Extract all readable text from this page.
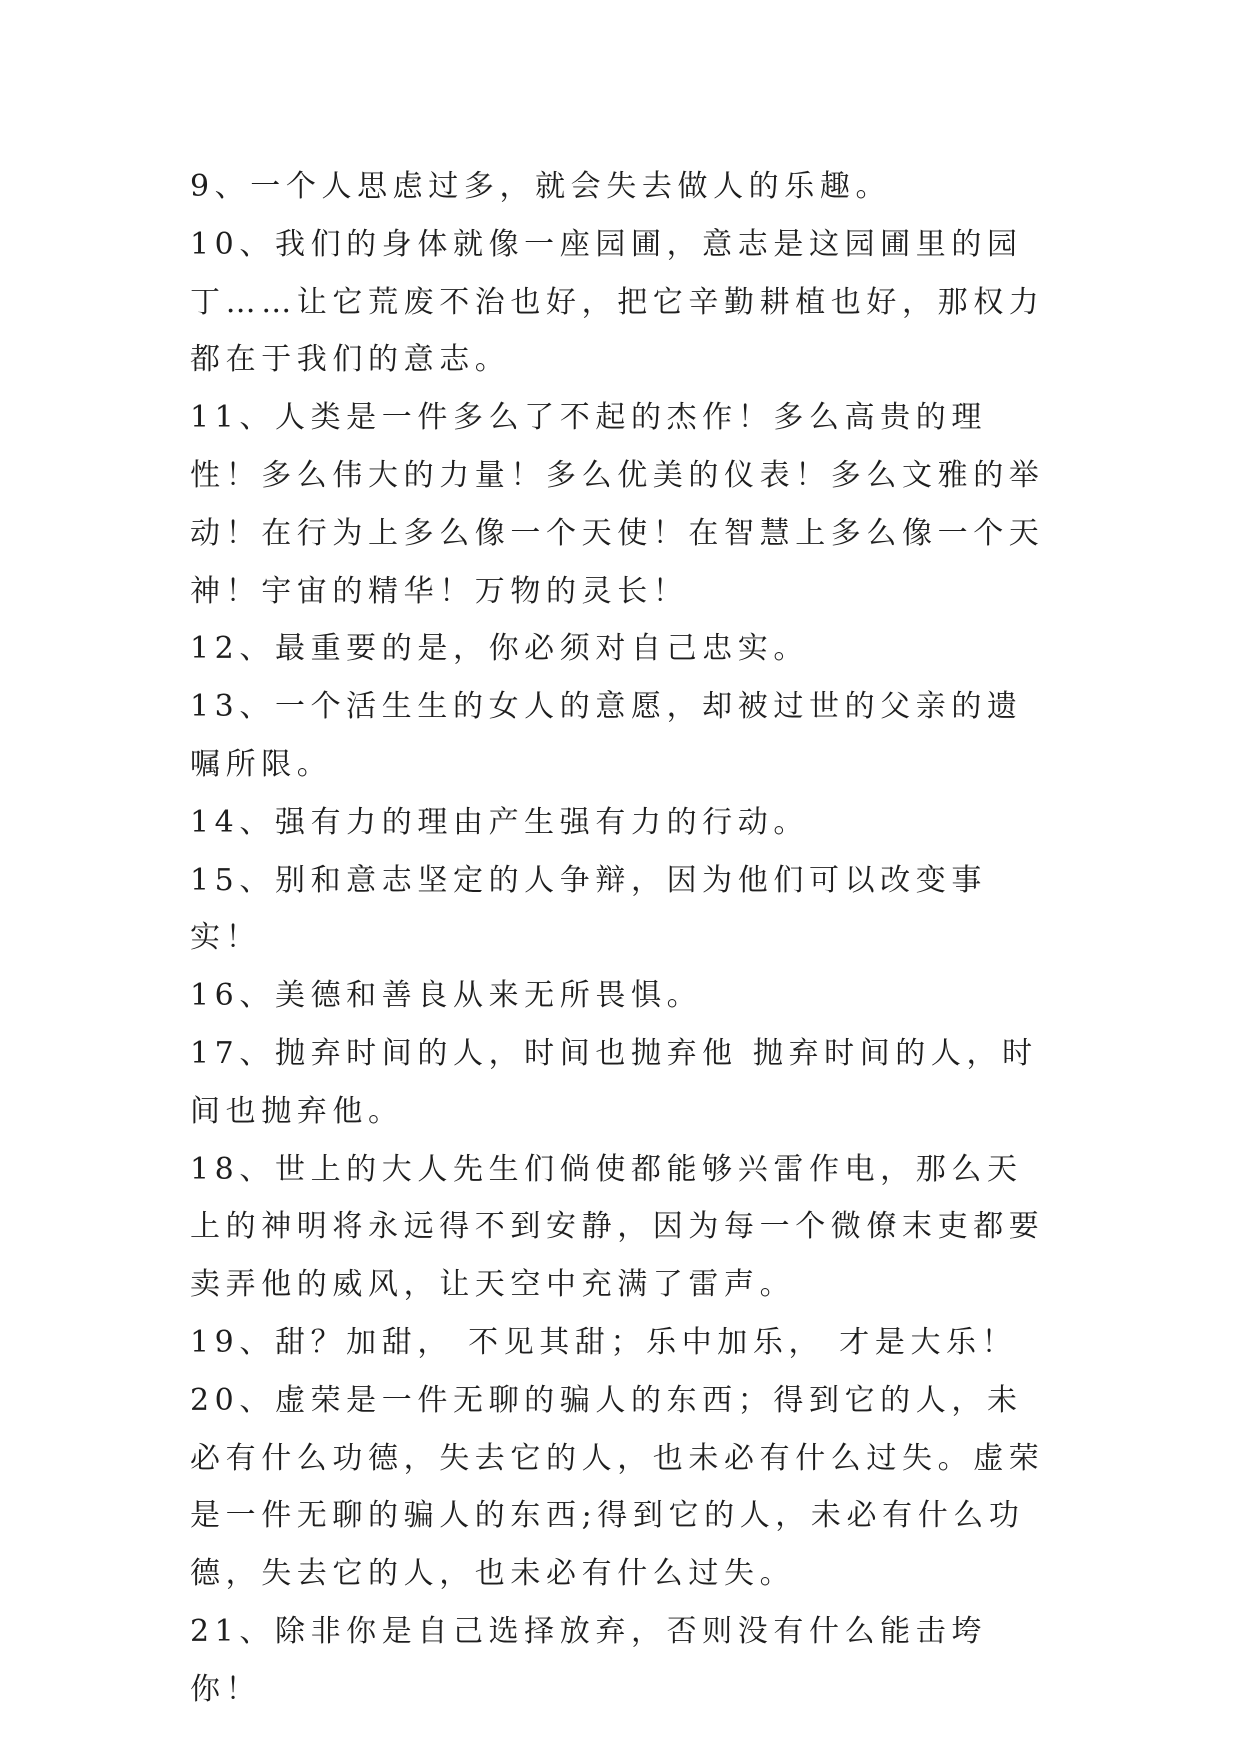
9、一个人思虑过多，就会失去做人的乐趣。

10、我们的身体就像一座园圃，意志是这园圃里的园丁……让它荒废不治也好，把它辛勤耕植也好，那权力都在于我们的意志。

11、人类是一件多么了不起的杰作！多么高贵的理性！多么伟大的力量！多么优美的仪表！多么文雅的举动！在行为上多么像一个天使！在智慧上多么像一个天神！宇宙的精华！万物的灵长！

12、最重要的是，你必须对自己忠实。

13、一个活生生的女人的意愿，却被过世的父亲的遗嘱所限。

14、强有力的理由产生强有力的行动。

15、别和意志坚定的人争辩，因为他们可以改变事实！

16、美德和善良从来无所畏惧。

17、抛弃时间的人，时间也抛弃他 抛弃时间的人，时间也抛弃他。

18、世上的大人先生们倘使都能够兴雷作电，那么天上的神明将永远得不到安静，因为每一个微僚末吏都要卖弄他的威风，让天空中充满了雷声。

19、甜？加甜， 不见其甜；乐中加乐， 才是大乐！

20、虚荣是一件无聊的骗人的东西；得到它的人，未必有什么功德，失去它的人，也未必有什么过失。虚荣是一件无聊的骗人的东西;得到它的人，未必有什么功德，失去它的人，也未必有什么过失。

21、除非你是自己选择放弃，否则没有什么能击垮你！
